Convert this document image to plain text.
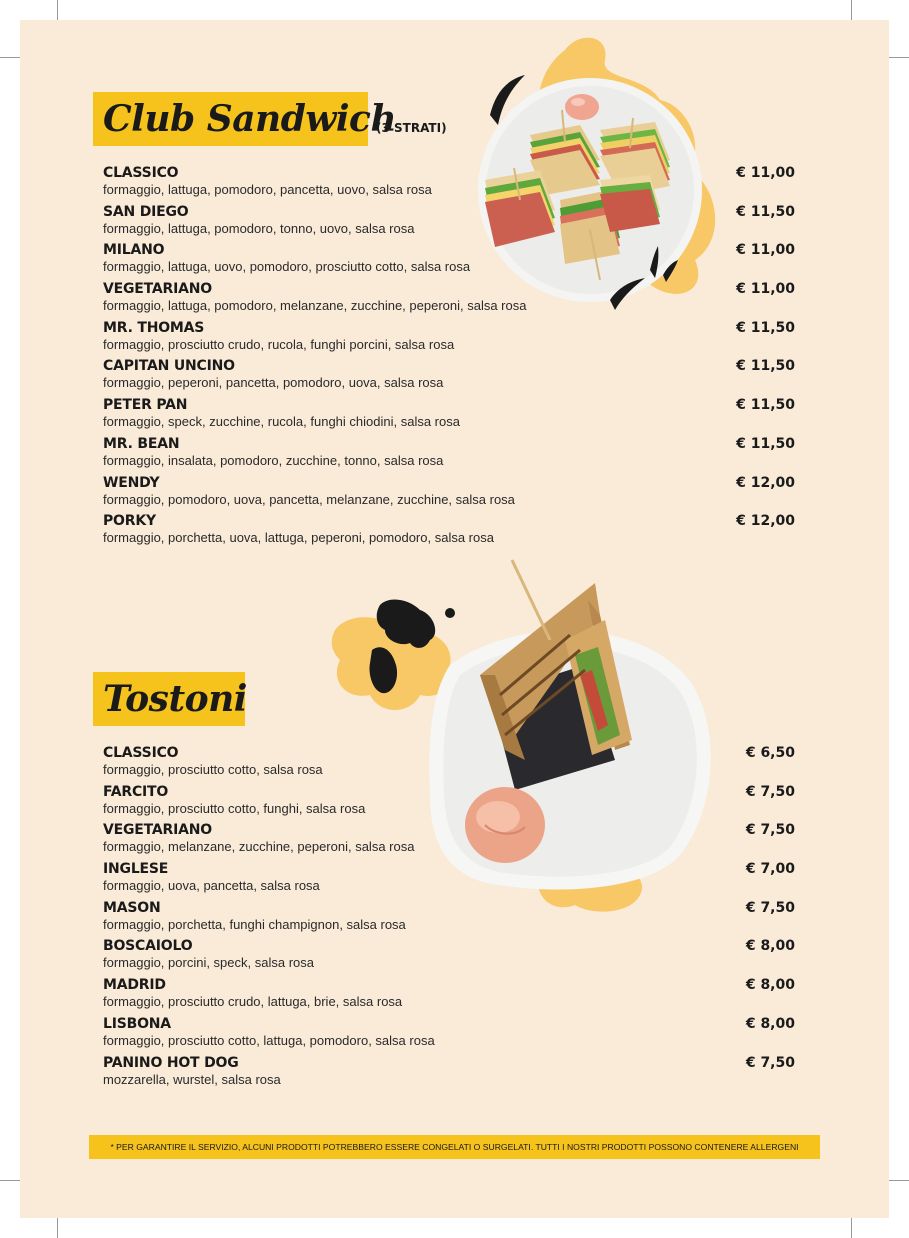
Club Sandwich
(3 STRATI)
CLASSICO
formaggio, lattuga, pomodoro, pancetta, uovo, salsa rosa
€ 11,00
SAN DIEGO
formaggio, lattuga, pomodoro, tonno, uovo, salsa rosa
€ 11,50
MILANO
formaggio, lattuga, uovo, pomodoro, prosciutto cotto, salsa rosa
€ 11,00
VEGETARIANO
formaggio, lattuga, pomodoro, melanzane, zucchine, peperoni, salsa rosa
€ 11,00
MR. THOMAS
formaggio, prosciutto crudo, rucola, funghi porcini, salsa rosa
€ 11,50
CAPITAN UNCINO
formaggio, peperoni, pancetta, pomodoro, uova, salsa rosa
€ 11,50
PETER PAN
formaggio, speck, zucchine, rucola, funghi chiodini, salsa rosa
€ 11,50
MR. BEAN
formaggio, insalata, pomodoro, zucchine, tonno, salsa rosa
€ 11,50
WENDY
formaggio, pomodoro, uova, pancetta, melanzane, zucchine, salsa rosa
€ 12,00
PORKY
formaggio, porchetta, uova, lattuga, peperoni, pomodoro, salsa rosa
€ 12,00
Tostoni
CLASSICO
formaggio, prosciutto cotto, salsa rosa
€ 6,50
FARCITO
formaggio, prosciutto cotto, funghi, salsa rosa
€ 7,50
VEGETARIANO
formaggio, melanzane, zucchine, peperoni, salsa rosa
€ 7,50
INGLESE
formaggio, uova, pancetta, salsa rosa
€ 7,00
MASON
formaggio, porchetta, funghi champignon, salsa rosa
€ 7,50
BOSCAIOLO
formaggio, porcini, speck, salsa rosa
€ 8,00
MADRID
formaggio, prosciutto crudo, lattuga, brie, salsa rosa
€ 8,00
LISBONA
formaggio, prosciutto cotto, lattuga, pomodoro, salsa rosa
€ 8,00
PANINO HOT DOG
mozzarella, wurstel, salsa rosa
€ 7,50
* PER GARANTIRE IL SERVIZIO, ALCUNI PRODOTTI POTREBBERO ESSERE CONGELATI O SURGELATI. TUTTI I NOSTRI PRODOTTI POSSONO CONTENERE ALLERGENI
